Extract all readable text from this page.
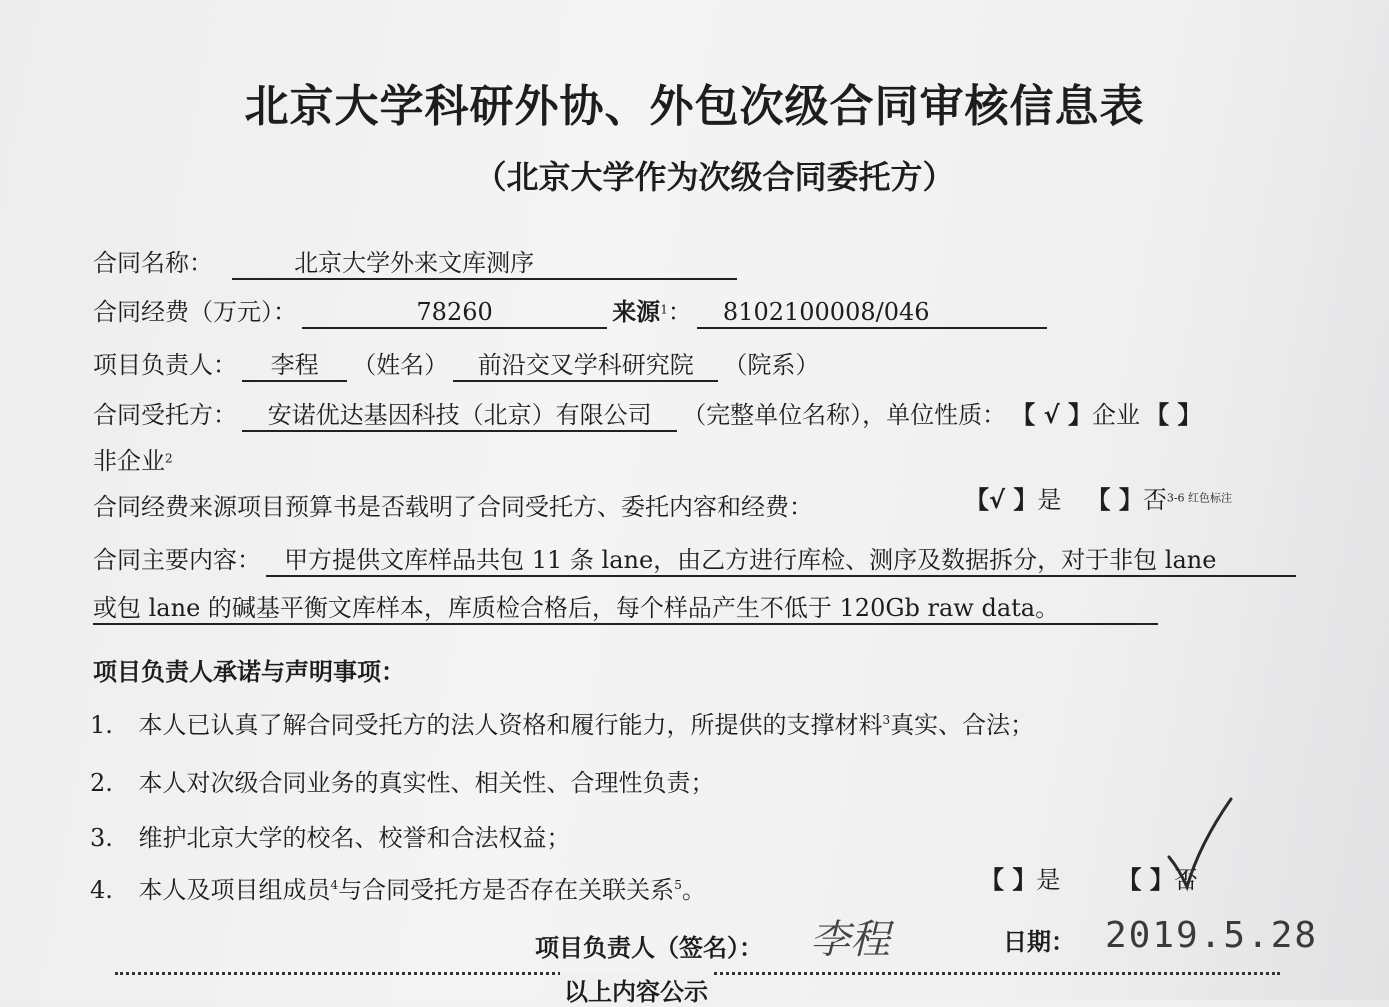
北京大学科研外协、外包次级合同审核信息表
（北京大学作为次级合同委托方）
合同名称：	北京大学外来文库测序
合同经费（万元）：	78260	来源$^1$： 8102100008/046
项目负责人： 李程 （姓名） 前沿交叉学科研究院 （院系）
合同受托方： 安诺优达基因科技（北京）有限公司 （完整单位名称），单位性质： 【 √ 】企业 【 】
非企业$^2$
合同经费来源项目预算书是否载明了合同受托方、委托内容和经费：	【√ 】是 【 】否$^{3-6 红色标注}$
合同主要内容： 甲方提供文库样品共包 11 条 lane，由乙方进行库检、测序及数据拆分，对于非包 lane
或包 lane 的碱基平衡文库样本，库质检合格后，每个样品产生不低于 120Gb raw data。
项目负责人承诺与声明事项：
1. 本人已认真了解合同受托方的法人资格和履行能力，所提供的支撑材料$^3$真实、合法；
2. 本人对次级合同业务的真实性、相关性、合理性负责；
3. 维护北京大学的校名、校誉和合法权益；
4. 本人及项目组成员$^4$与合同受托方是否存在关联关系$^5$。	【 】是 【 】否
项目负责人（签名）： 李程	日期： 2019.5.28
以上内容公示
